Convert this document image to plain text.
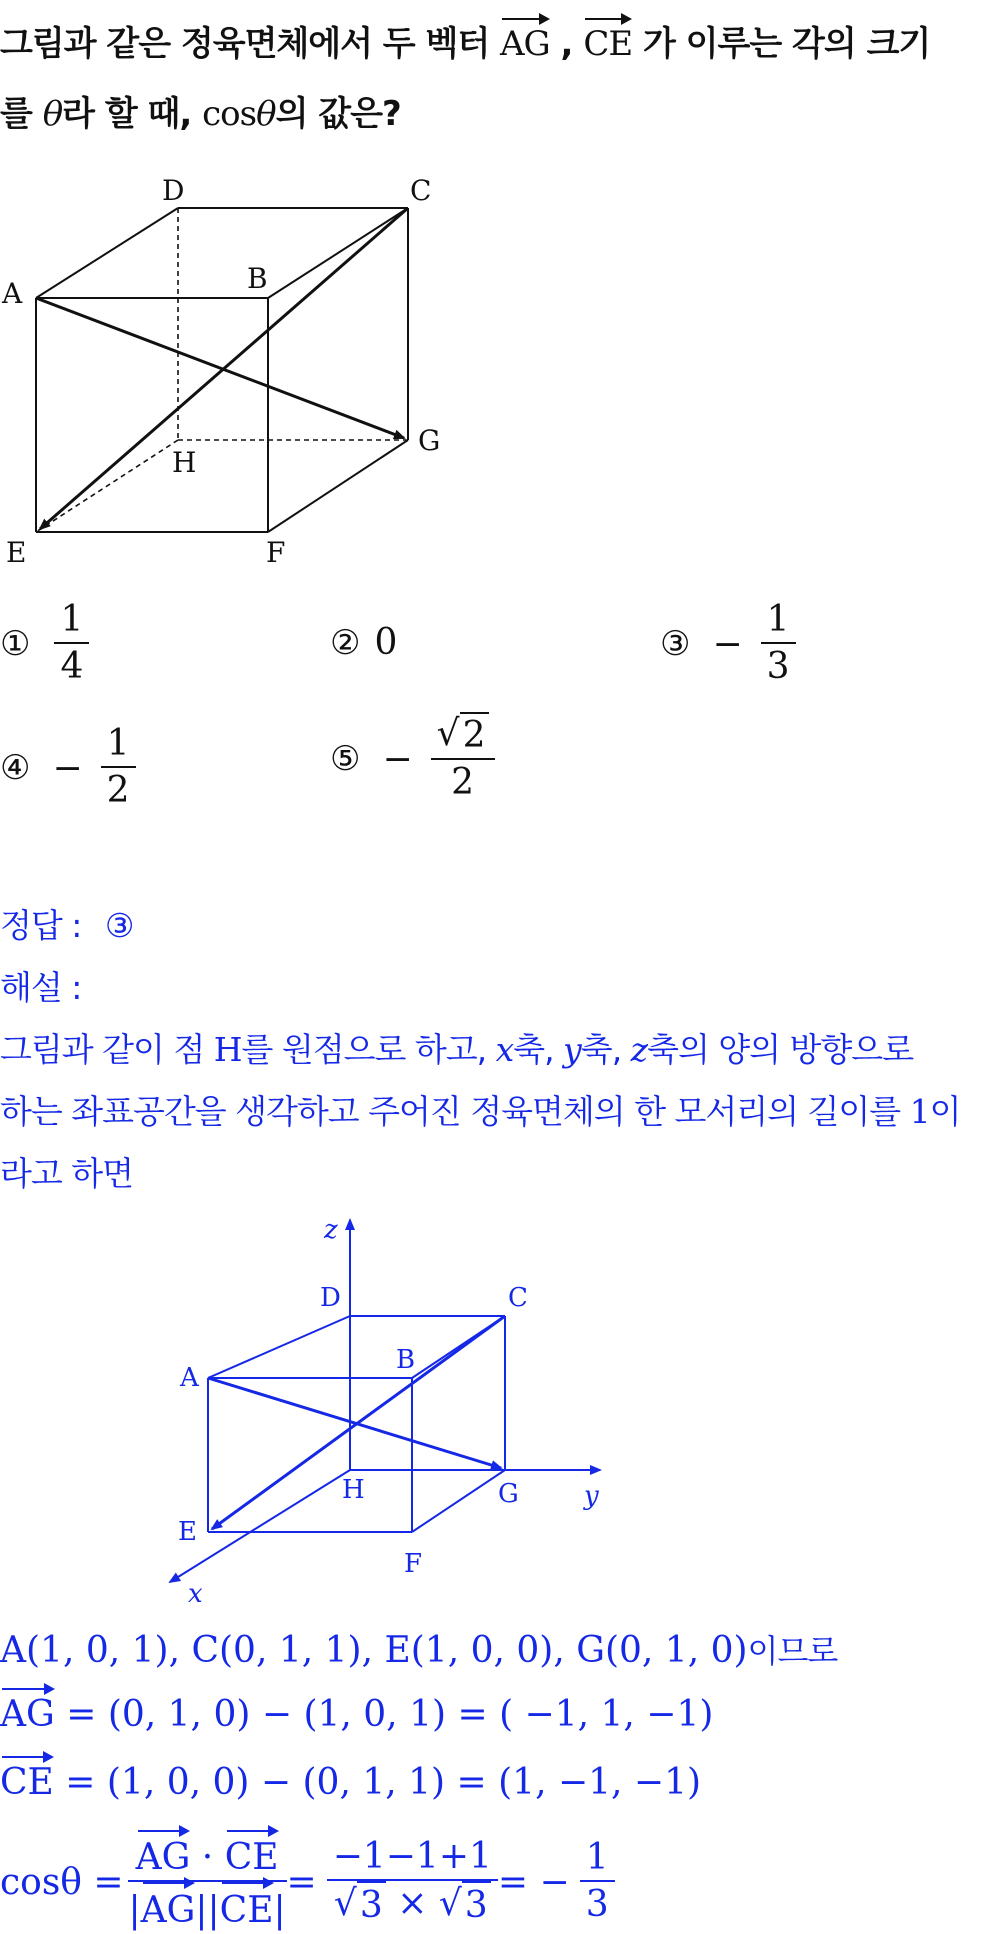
그림과 같은 정육면체에서 두 벡터 AG , CE 가 이루는 각의 크기
를 θ라 할 때, cosθ의 값은?
A	B
C
D
E	F
G
H
① $\frac{1}{4}$	② 0	③ − $\frac{1}{3}$
④ − $\frac{1}{2}$	⑤ − $\frac{√ 2}{2}$
정답 : ③
해설 :
그림과 같이 점 H를 원점으로 하고, x축, y축, z축의 양의 방향으로
하는 좌표공간을 생각하고 주어진 정육면체의 한 모서리의 길이를 1이
라고 하면
A
B
C
D
E
F
G
H
z
y
x
A(1, 0, 1), C(0, 1, 1), E(1, 0, 0), G(0, 1, 0)이므로
AG = (0, 1, 0) − (1, 0, 1) = ( −1, 1, −1)
CE = (1, 0, 0) − (0, 1, 1) = (1, −1, −1)
$\cos\theta = \frac{AG \cdot CE}{|AG||CE|} = \frac{-1-1+1}{√ 3 \times √ 3}$ = − $\frac{1}{3}$
